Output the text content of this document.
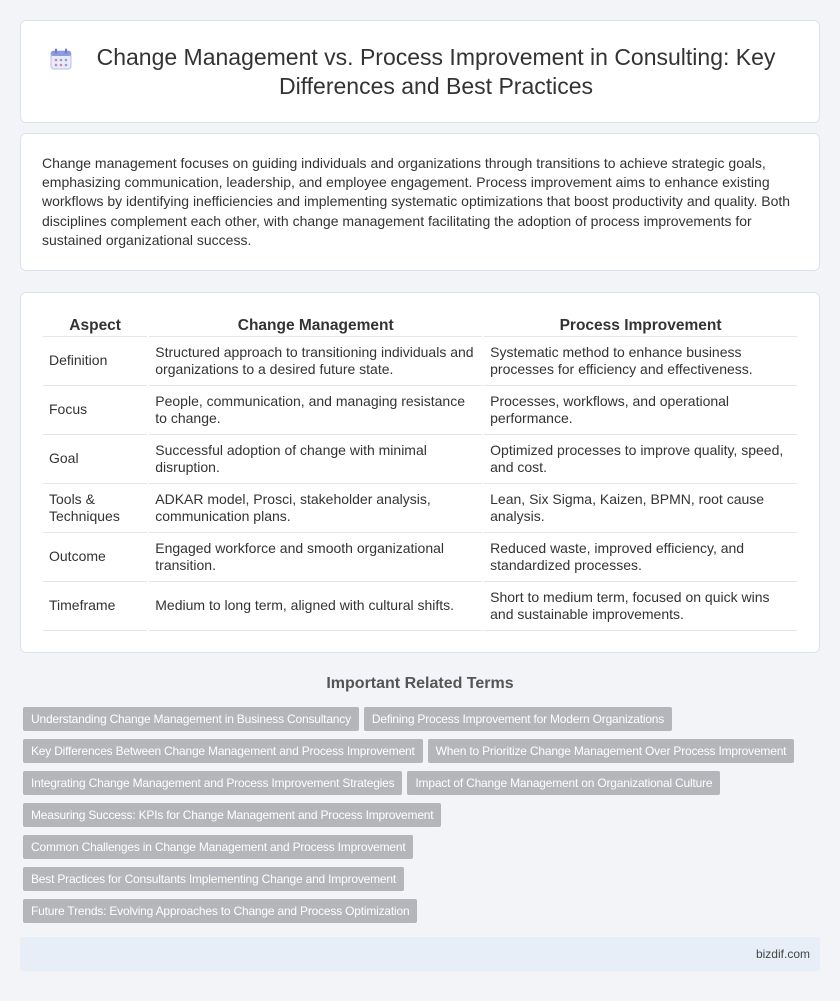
Change Management vs. Process Improvement in Consulting: Key Differences and Best Practices

Change management focuses on guiding individuals and organizations through transitions to achieve strategic goals, emphasizing communication, leadership, and employee engagement. Process improvement aims to enhance existing workflows by identifying inefficiencies and implementing systematic optimizations that boost productivity and quality. Both disciplines complement each other, with change management facilitating the adoption of process improvements for sustained organizational success.

Aspect	Change Management	Process Improvement
Definition	Structured approach to transitioning individuals and organizations to a desired future state.	Systematic method to enhance business processes for efficiency and effectiveness.
Focus	People, communication, and managing resistance to change.	Processes, workflows, and operational performance.
Goal	Successful adoption of change with minimal disruption.	Optimized processes to improve quality, speed, and cost.
Tools & Techniques	ADKAR model, Prosci, stakeholder analysis, communication plans.	Lean, Six Sigma, Kaizen, BPMN, root cause analysis.
Outcome	Engaged workforce and smooth organizational transition.	Reduced waste, improved efficiency, and standardized processes.
Timeframe	Medium to long term, aligned with cultural shifts.	Short to medium term, focused on quick wins and sustainable improvements.
Important Related Terms
Understanding Change Management in Business Consultancy Defining Process Improvement for Modern Organizations
Key Differences Between Change Management and Process Improvement When to Prioritize Change Management Over Process Improvement
Integrating Change Management and Process Improvement Strategies Impact of Change Management on Organizational Culture
Measuring Success: KPIs for Change Management and Process Improvement
Common Challenges in Change Management and Process Improvement
Best Practices for Consultants Implementing Change and Improvement
Future Trends: Evolving Approaches to Change and Process Optimization
bizdif.com
